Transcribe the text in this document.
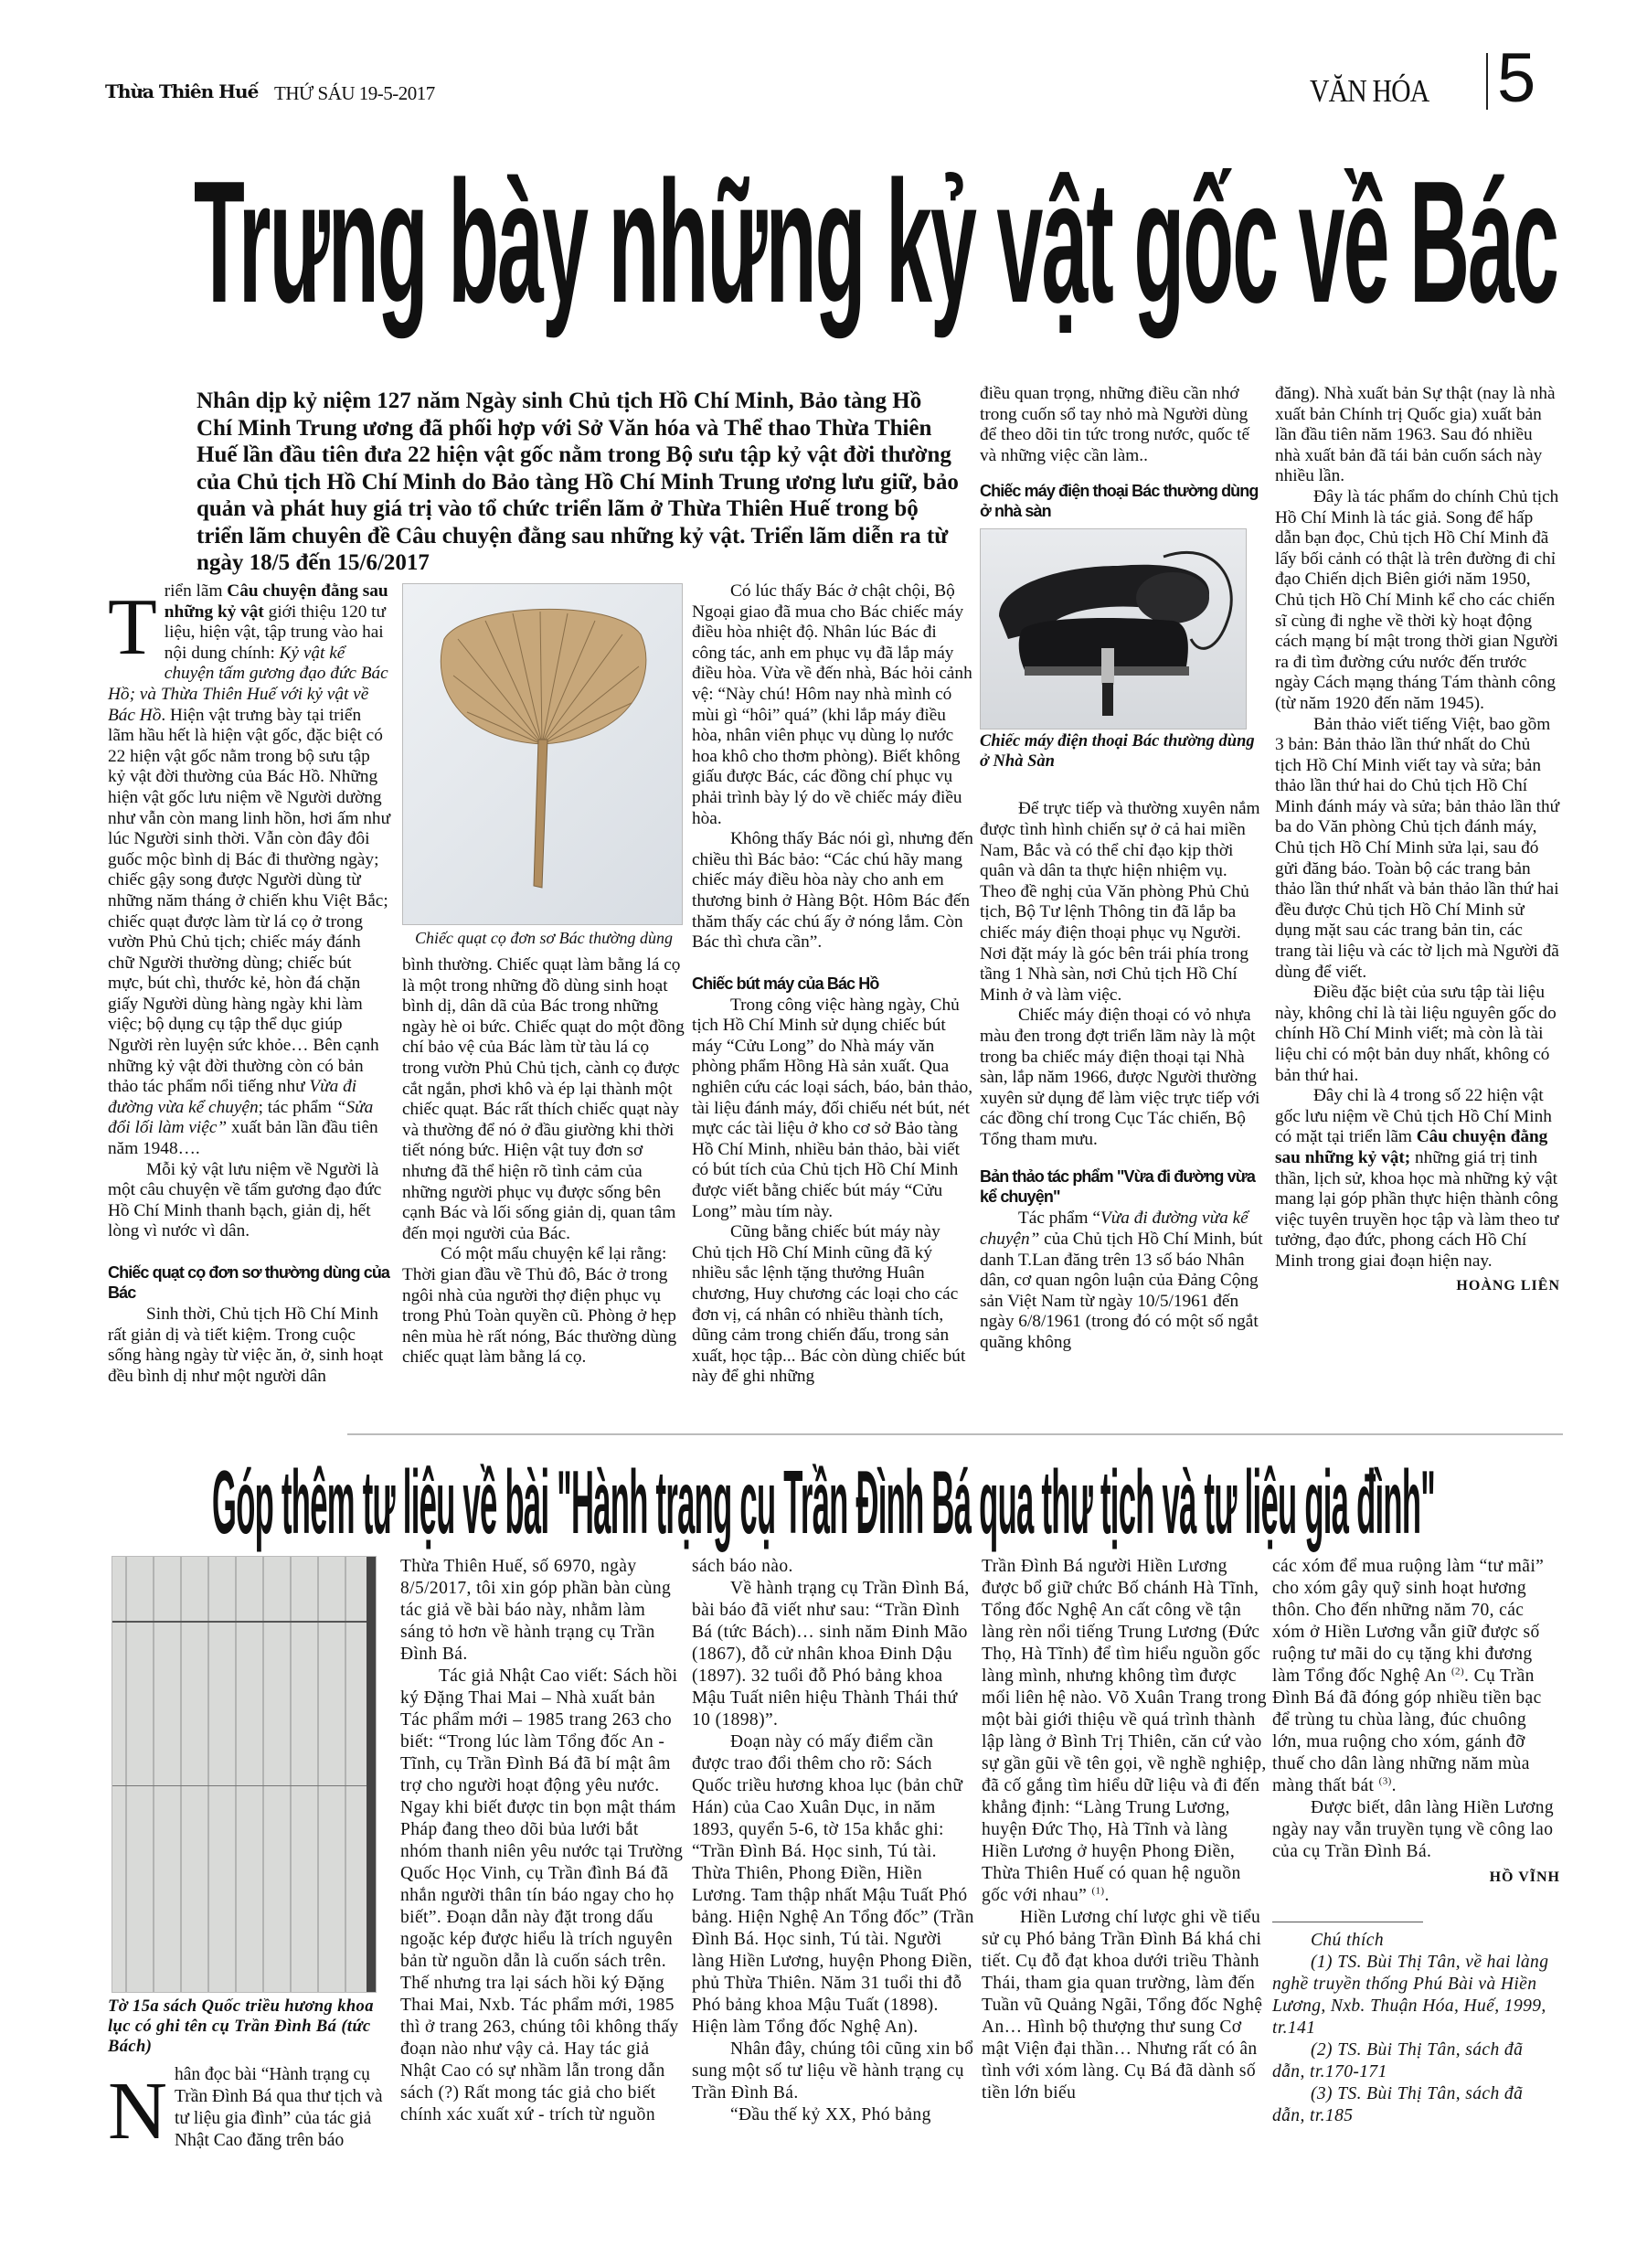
Thừa Thiên Huế THỨ SÁU 19-5-2017	VĂN HÓA 5
Trưng bày những kỷ vật gốc về Bác
Nhân dịp kỷ niệm 127 năm Ngày sinh Chủ tịch Hồ Chí Minh, Bảo tàng Hồ Chí Minh Trung ương đã phối hợp với Sở Văn hóa và Thể thao Thừa Thiên Huế lần đầu tiên đưa 22 hiện vật gốc nằm trong Bộ sưu tập kỷ vật đời thường của Chủ tịch Hồ Chí Minh do Bảo tàng Hồ Chí Minh Trung ương lưu giữ, bảo quản và phát huy giá trị vào tổ chức triển lãm ở Thừa Thiên Huế trong bộ triển lãm chuyên đề Câu chuyện đằng sau những kỷ vật. Triển lãm diễn ra từ ngày 18/5 đến 15/6/2017

Triển lãm Câu chuyện đằng sau những kỷ vật giới thiệu 120 tư liệu, hiện vật, tập trung vào hai nội dung chính: Kỷ vật kể chuyện tấm gương đạo đức Bác Hồ; và Thừa Thiên Huế với kỷ vật về Bác Hồ. Hiện vật trưng bày tại triển lãm hầu hết là hiện vật gốc, đặc biệt có 22 hiện vật gốc nằm trong bộ sưu tập kỷ vật đời thường của Bác Hồ. Những hiện vật gốc lưu niệm về Người dường như vẫn còn mang linh hồn, hơi ấm như lúc Người sinh thời. Vẫn còn đây đôi guốc mộc bình dị Bác đi thường ngày; chiếc gậy song được Người dùng từ những năm tháng ở chiến khu Việt Bắc; chiếc quạt được làm từ lá cọ ở trong vườn Phủ Chủ tịch; chiếc máy đánh chữ Người thường dùng; chiếc bút mực, bút chì, thước kẻ, hòn đá chặn giấy Người dùng hàng ngày khi làm việc; bộ dụng cụ tập thể dục giúp Người rèn luyện sức khỏe… Bên cạnh những kỷ vật đời thường còn có bản thảo tác phẩm nổi tiếng như Vừa đi đường vừa kể chuyện; tác phẩm “Sửa đổi lối làm việc” xuất bản lần đầu tiên năm 1948….

Mỗi kỷ vật lưu niệm về Người là một câu chuyện về tấm gương đạo đức Hồ Chí Minh thanh bạch, giản dị, hết lòng vì nước vì dân.

Chiếc quạt cọ đơn sơ thường dùng của Bác

Sinh thời, Chủ tịch Hồ Chí Minh rất giản dị và tiết kiệm. Trong cuộc sống hàng ngày từ việc ăn, ở, sinh hoạt đều bình dị như một người dân

Chiếc quạt cọ đơn sơ Bác thường dùng

bình thường. Chiếc quạt làm bằng lá cọ là một trong những đồ dùng sinh hoạt bình dị, dân dã của Bác trong những ngày hè oi bức. Chiếc quạt do một đồng chí bảo vệ của Bác làm từ tàu lá cọ trong vườn Phủ Chủ tịch, cành cọ được cắt ngắn, phơi khô và ép lại thành một chiếc quạt. Bác rất thích chiếc quạt này và thường để nó ở đầu giường khi thời tiết nóng bức. Hiện vật tuy đơn sơ nhưng đã thể hiện rõ tình cảm của những người phục vụ được sống bên cạnh Bác và lối sống giản dị, quan tâm đến mọi người của Bác.

Có một mẩu chuyện kể lại rằng: Thời gian đầu về Thủ đô, Bác ở trong ngôi nhà của người thợ điện phục vụ trong Phủ Toàn quyền cũ. Phòng ở hẹp nên mùa hè rất nóng, Bác thường dùng chiếc quạt làm bằng lá cọ.

Có lúc thấy Bác ở chật chội, Bộ Ngoại giao đã mua cho Bác chiếc máy điều hòa nhiệt độ. Nhân lúc Bác đi công tác, anh em phục vụ đã lắp máy điều hòa. Vừa về đến nhà, Bác hỏi cảnh vệ: “Này chú! Hôm nay nhà mình có mùi gì “hôi” quá” (khi lắp máy điều hòa, nhân viên phục vụ dùng lọ nước hoa khô cho thơm phòng). Biết không giấu được Bác, các đồng chí phục vụ phải trình bày lý do về chiếc máy điều hòa.

Không thấy Bác nói gì, nhưng đến chiều thì Bác bảo: “Các chú hãy mang chiếc máy điều hòa này cho anh em thương binh ở Hàng Bột. Hôm Bác đến thăm thấy các chú ấy ở nóng lắm. Còn Bác thì chưa cần”.

Chiếc bút máy của Bác Hồ

Trong công việc hàng ngày, Chủ tịch Hồ Chí Minh sử dụng chiếc bút máy “Cửu Long” do Nhà máy văn phòng phẩm Hồng Hà sản xuất. Qua nghiên cứu các loại sách, báo, bản thảo, tài liệu đánh máy, đối chiếu nét bút, nét mực các tài liệu ở kho cơ sở Bảo tàng Hồ Chí Minh, nhiều bản thảo, bài viết có bút tích của Chủ tịch Hồ Chí Minh được viết bằng chiếc bút máy “Cửu Long” màu tím này.

Cũng bằng chiếc bút máy này Chủ tịch Hồ Chí Minh cũng đã ký nhiều sắc lệnh tặng thưởng Huân chương, Huy chương các loại cho các đơn vị, cá nhân có nhiều thành tích, dũng cảm trong chiến đấu, trong sản xuất, học tập... Bác còn dùng chiếc bút này để ghi những

điều quan trọng, những điều cần nhớ trong cuốn sổ tay nhỏ mà Người dùng để theo dõi tin tức trong nước, quốc tế và những việc cần làm..

Chiếc máy điện thoại Bác thường dùng ở nhà sàn
Chiếc máy điện thoại Bác thường dùng ở Nhà Sàn

Để trực tiếp và thường xuyên nắm được tình hình chiến sự ở cả hai miền Nam, Bắc và có thể chỉ đạo kịp thời quân và dân ta thực hiện nhiệm vụ. Theo đề nghị của Văn phòng Phủ Chủ tịch, Bộ Tư lệnh Thông tin đã lắp ba chiếc máy điện thoại phục vụ Người. Nơi đặt máy là góc bên trái phía trong tầng 1 Nhà sàn, nơi Chủ tịch Hồ Chí Minh ở và làm việc.

Chiếc máy điện thoại có vỏ nhựa màu đen trong đợt triển lãm này là một trong ba chiếc máy điện thoại tại Nhà sàn, lắp năm 1966, được Người thường xuyên sử dụng để làm việc trực tiếp với các đồng chí trong Cục Tác chiến, Bộ Tổng tham mưu.

Bản thảo tác phẩm "Vừa đi đường vừa kể chuyện"

Tác phẩm “Vừa đi đường vừa kể chuyện” của Chủ tịch Hồ Chí Minh, bút danh T.Lan đăng trên 13 số báo Nhân dân, cơ quan ngôn luận của Đảng Cộng sản Việt Nam từ ngày 10/5/1961 đến ngày 6/8/1961 (trong đó có một số ngắt quãng không

đăng). Nhà xuất bản Sự thật (nay là nhà xuất bản Chính trị Quốc gia) xuất bản lần đầu tiên năm 1963. Sau đó nhiều nhà xuất bản đã tái bản cuốn sách này nhiều lần.

Đây là tác phẩm do chính Chủ tịch Hồ Chí Minh là tác giả. Song để hấp dẫn bạn đọc, Chủ tịch Hồ Chí Minh đã lấy bối cảnh có thật là trên đường đi chỉ đạo Chiến dịch Biên giới năm 1950, Chủ tịch Hồ Chí Minh kể cho các chiến sĩ cùng đi nghe về thời kỳ hoạt động cách mạng bí mật trong thời gian Người ra đi tìm đường cứu nước đến trước ngày Cách mạng tháng Tám thành công (từ năm 1920 đến năm 1945).

Bản thảo viết tiếng Việt, bao gồm 3 bản: Bản thảo lần thứ nhất do Chủ tịch Hồ Chí Minh viết tay và sửa; bản thảo lần thứ hai do Chủ tịch Hồ Chí Minh đánh máy và sửa; bản thảo lần thứ ba do Văn phòng Chủ tịch đánh máy, Chủ tịch Hồ Chí Minh sửa lại, sau đó gửi đăng báo. Toàn bộ các trang bản thảo lần thứ nhất và bản thảo lần thứ hai đều được Chủ tịch Hồ Chí Minh sử dụng mặt sau các trang bản tin, các trang tài liệu và các tờ lịch mà Người đã dùng để viết.

Điều đặc biệt của sưu tập tài liệu này, không chỉ là tài liệu nguyên gốc do chính Hồ Chí Minh viết; mà còn là tài liệu chỉ có một bản duy nhất, không có bản thứ hai.

Đây chỉ là 4 trong số 22 hiện vật gốc lưu niệm về Chủ tịch Hồ Chí Minh có mặt tại triển lãm Câu chuyện đằng sau những kỷ vật; những giá trị tinh thần, lịch sử, khoa học mà những kỷ vật mang lại góp phần thực hiện thành công việc tuyên truyền học tập và làm theo tư tưởng, đạo đức, phong cách Hồ Chí Minh trong giai đoạn hiện nay.

HOÀNG LIÊN
Góp thêm tư liệu về bài "Hành trạng cụ Trần Đình Bá qua thư tịch và tư liệu gia đình"
Tờ 15a sách Quốc triều hương khoa lục có ghi tên cụ Trần Đình Bá (tức Bách)

Nhân đọc bài “Hành trạng cụ Trần Đình Bá qua thư tịch và tư liệu gia đình” của tác giả Nhật Cao đăng trên báo

Thừa Thiên Huế, số 6970, ngày 8/5/2017, tôi xin góp phần bàn cùng tác giả về bài báo này, nhằm làm sáng tỏ hơn về hành trạng cụ Trần Đình Bá.

Tác giả Nhật Cao viết: Sách hồi ký Đặng Thai Mai – Nhà xuất bản Tác phẩm mới – 1985 trang 263 cho biết: “Trong lúc làm Tổng đốc An - Tĩnh, cụ Trần Đình Bá đã bí mật âm trợ cho người hoạt động yêu nước. Ngay khi biết được tin bọn mật thám Pháp đang theo dõi bủa lưới bắt nhóm thanh niên yêu nước tại Trường Quốc Học Vinh, cụ Trần đình Bá đã nhắn người thân tín báo ngay cho họ biết”. Đoạn dẫn này đặt trong dấu ngoặc kép được hiểu là trích nguyên bản từ nguồn dẫn là cuốn sách trên. Thế nhưng tra lại sách hồi ký Đặng Thai Mai, Nxb. Tác phẩm mới, 1985 thì ở trang 263, chúng tôi không thấy đoạn nào như vậy cả. Hay tác giả Nhật Cao có sự nhầm lẫn trong dẫn sách (?) Rất mong tác giả cho biết chính xác xuất xứ - trích từ nguồn

sách báo nào.

Về hành trạng cụ Trần Đình Bá, bài báo đã viết như sau: “Trần Đình Bá (tức Bách)… sinh năm Đinh Mão (1867), đỗ cử nhân khoa Đinh Dậu (1897). 32 tuổi đỗ Phó bảng khoa Mậu Tuất niên hiệu Thành Thái thứ 10 (1898)”.

Đoạn này có mấy điểm cần được trao đổi thêm cho rõ: Sách Quốc triều hương khoa lục (bản chữ Hán) của Cao Xuân Dục, in năm 1893, quyển 5-6, tờ 15a khắc ghi: “Trần Đình Bá. Học sinh, Tú tài. Thừa Thiên, Phong Điền, Hiền Lương. Tam thập nhất Mậu Tuất Phó bảng. Hiện Nghệ An Tổng đốc” (Trần Đình Bá. Học sinh, Tú tài. Người làng Hiền Lương, huyện Phong Điền, phủ Thừa Thiên. Năm 31 tuổi thi đỗ Phó bảng khoa Mậu Tuất (1898). Hiện làm Tổng đốc Nghệ An).

Nhân đây, chúng tôi cũng xin bổ sung một số tư liệu về hành trạng cụ Trần Đình Bá.

“Đầu thế kỷ XX, Phó bảng

Trần Đình Bá người Hiền Lương được bổ giữ chức Bố chánh Hà Tĩnh, Tổng đốc Nghệ An cất công về tận làng rèn nổi tiếng Trung Lương (Đức Thọ, Hà Tĩnh) để tìm hiểu nguồn gốc làng mình, nhưng không tìm được mối liên hệ nào. Võ Xuân Trang trong một bài giới thiệu về quá trình thành lập làng ở Bình Trị Thiên, căn cứ vào sự gần gũi về tên gọi, về nghề nghiệp, đã cố gắng tìm hiểu dữ liệu và đi đến khẳng định: “Làng Trung Lương, huyện Đức Thọ, Hà Tĩnh và làng Hiền Lương ở huyện Phong Điền, Thừa Thiên Huế có quan hệ nguồn gốc với nhau” $^{(1)}$.

Hiền Lương chí lược ghi về tiểu sử cụ Phó bảng Trần Đình Bá khá chi tiết. Cụ đỗ đạt khoa dưới triều Thành Thái, tham gia quan trường, làm đến Tuần vũ Quảng Ngãi, Tổng đốc Nghệ An… Hình bộ thượng thư sung Cơ mật Viện đại thần… Nhưng rất có ân tình với xóm làng. Cụ Bá đã dành số tiền lớn biếu

các xóm để mua ruộng làm “tư mãi” cho xóm gây quỹ sinh hoạt hương thôn. Cho đến những năm 70, các xóm ở Hiền Lương vẫn giữ được số ruộng tư mãi do cụ tặng khi đương làm Tổng đốc Nghệ An $^{(2)}$. Cụ Trần Đình Bá đã đóng góp nhiều tiền bạc để trùng tu chùa làng, đúc chuông lớn, mua ruộng cho xóm, gánh đỡ thuế cho dân làng những năm mùa màng thất bát $^{(3)}$.

Được biết, dân làng Hiền Lương ngày nay vẫn truyền tụng về công lao của cụ Trần Đình Bá.

HỒ VĨNH

Chú thích

(1) TS. Bùi Thị Tân, về hai làng nghề truyền thống Phú Bài và Hiền Lương, Nxb. Thuận Hóa, Huế, 1999, tr.141

(2) TS. Bùi Thị Tân, sách đã dẫn, tr.170-171

(3) TS. Bùi Thị Tân, sách đã dẫn, tr.185
